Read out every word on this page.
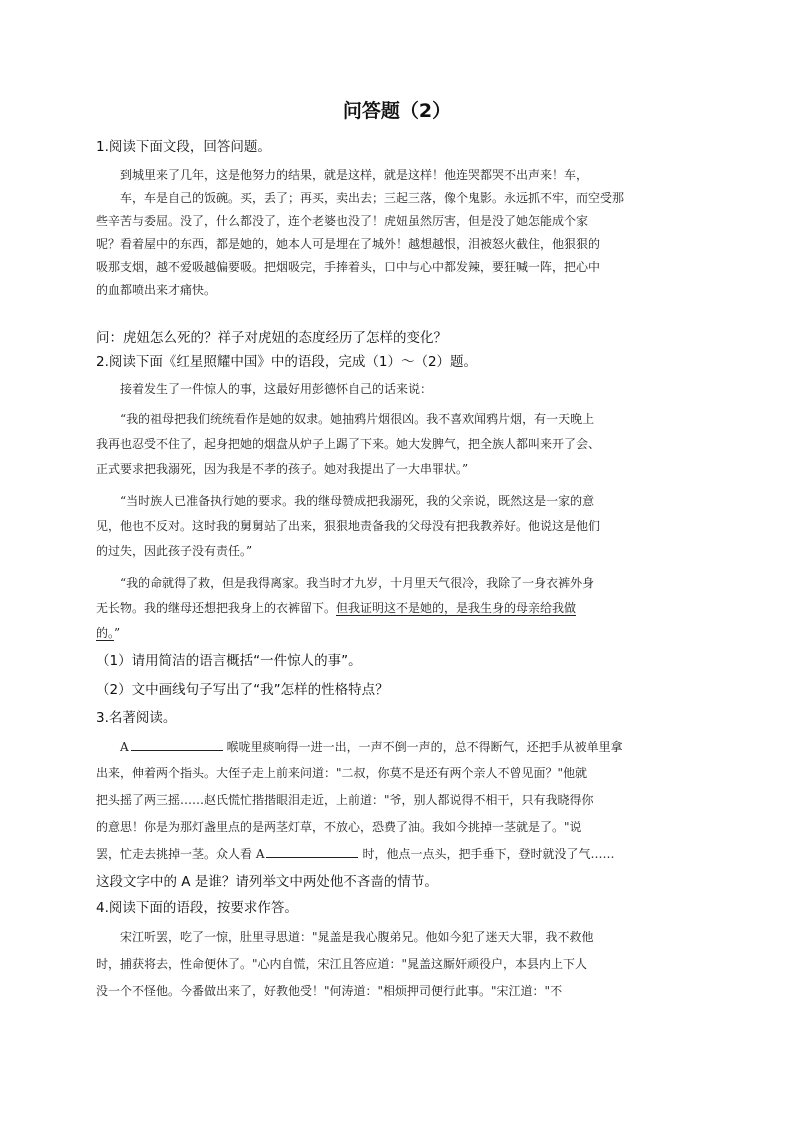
问答题（2）
1.阅读下面文段，回答问题。
到城里来了几年，这是他努力的结果，就是这样，就是这样！他连哭都哭不出声来！车，
车，车是自己的饭碗。买，丢了；再买，卖出去；三起三落，像个鬼影。永远抓不牢，而空受那
些辛苦与委屈。没了，什么都没了，连个老婆也没了！虎妞虽然厉害，但是没了她怎能成个家
呢？看着屋中的东西，都是她的，她本人可是埋在了城外！越想越恨，泪被怒火截住，他狠狠的
吸那支烟，越不爱吸越偏要吸。把烟吸完，手捧着头，口中与心中都发辣，要狂喊一阵，把心中
的血都喷出来才痛快。
问：虎妞怎么死的？祥子对虎妞的态度经历了怎样的变化？
2.阅读下面《红星照耀中国》中的语段，完成（1）～（2）题。
接着发生了一件惊人的事，这最好用彭德怀自己的话来说：
“我的祖母把我们统统看作是她的奴隶。她抽鸦片烟很凶。我不喜欢闻鸦片烟，有一天晚上
我再也忍受不住了，起身把她的烟盘从炉子上踢了下来。她大发脾气，把全族人都叫来开了会、
正式要求把我溺死，因为我是不孝的孩子。她对我提出了一大串罪状。”
“当时族人已准备执行她的要求。我的继母赞成把我溺死，我的父亲说，既然这是一家的意
见，他也不反对。这时我的舅舅站了出来，狠狠地责备我的父母没有把我教养好。他说这是他们
的过失，因此孩子没有责任。”
“我的命就得了救，但是我得离家。我当时才九岁，十月里天气很冷，我除了一身衣裤外身
无长物。我的继母还想把我身上的衣裤留下。但我证明这不是她的，是我生身的母亲给我做
的。”
（1）请用简洁的语言概括“一件惊人的事”。
（2）文中画线句子写出了“我”怎样的性格特点？
3.名著阅读。
A	喉咙里痰响得一进一出，一声不倒一声的，总不得断气，还把手从被单里拿
出来，伸着两个指头。大侄子走上前来问道："二叔，你莫不是还有两个亲人不曾见面？"他就
把头摇了两三摇……赵氏慌忙揩揩眼泪走近，上前道："爷，别人都说得不相干，只有我晓得你
的意思！你是为那灯盏里点的是两茎灯草，不放心，恐费了油。我如今挑掉一茎就是了。"说
罢，忙走去挑掉一茎。众人看 A	时，他点一点头，把手垂下，登时就没了气……
这段文字中的 A 是谁？请列举文中两处他不吝啬的情节。
4.阅读下面的语段，按要求作答。
宋江听罢，吃了一惊，肚里寻思道："晁盖是我心腹弟兄。他如今犯了迷天大罪，我不救他
时，捕获将去，性命便休了。"心内自慌，宋江且答应道："晁盖这厮奸顽役户，本县内上下人
没一个不怪他。今番做出来了，好教他受！"何涛道："相烦押司便行此事。"宋江道："不
